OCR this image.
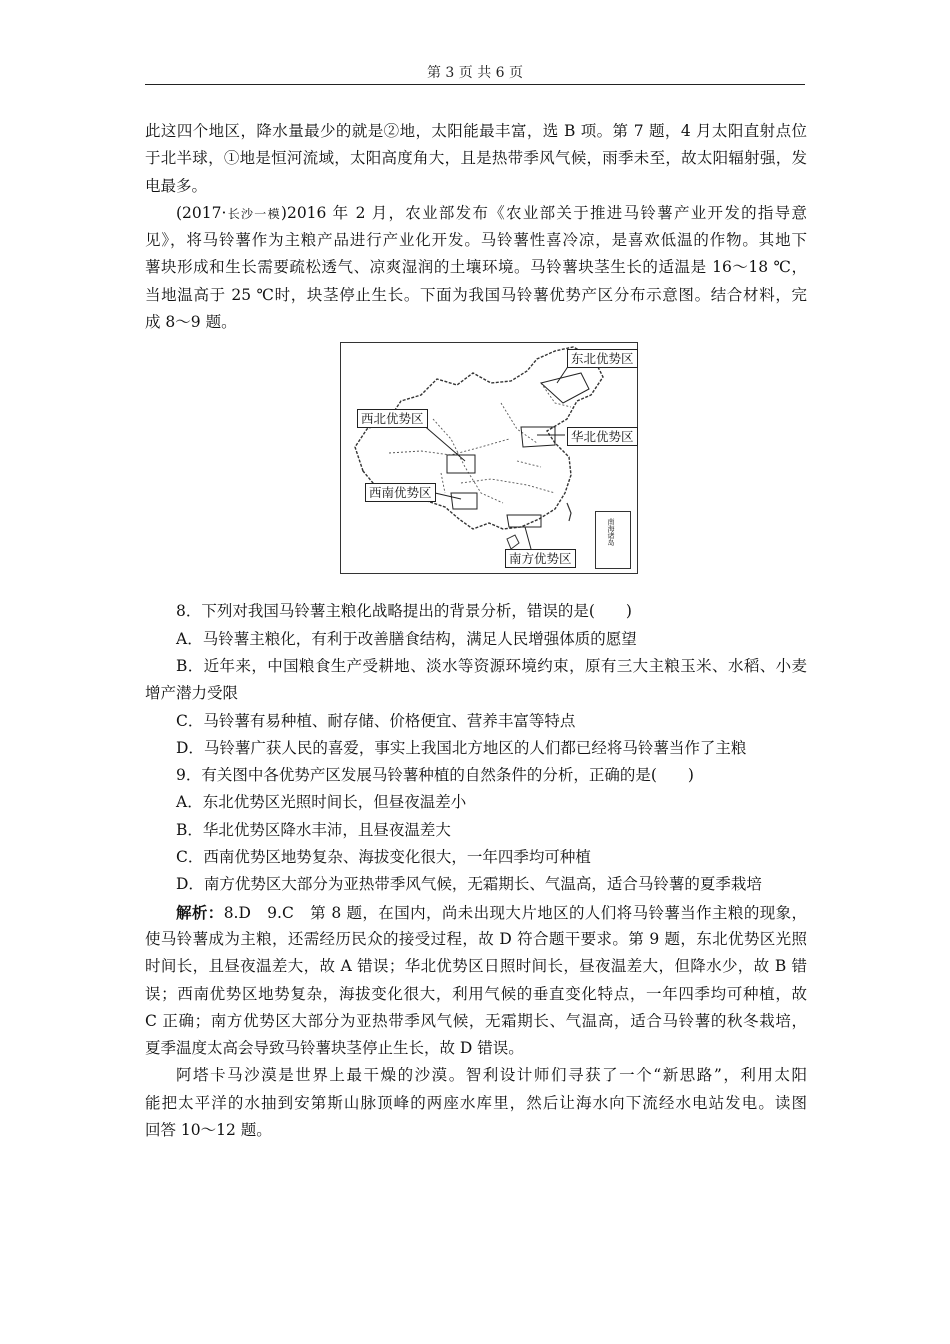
第 3 页 共 6 页
此这四个地区，降水量最少的就是②地，太阳能最丰富，选 B 项。第 7 题，4 月太阳直射点位
于北半球，①地是恒河流域，太阳高度角大，且是热带季风气候，雨季未至，故太阳辐射强，发
电最多。
(2017·长沙一模)2016 年 2 月，农业部发布《农业部关于推进马铃薯产业开发的指导意
见》，将马铃薯作为主粮产品进行产业化开发。马铃薯性喜冷凉，是喜欢低温的作物。其地下
薯块形成和生长需要疏松透气、凉爽湿润的土壤环境。马铃薯块茎生长的适温是 16～18 ℃，
当地温高于 25 ℃时，块茎停止生长。下面为我国马铃薯优势产区分布示意图。结合材料，完
成 8～9 题。
东北优势区
西北优势区
华北优势区
西南优势区
南方优势区
南海诸岛
8．下列对我国马铃薯主粮化战略提出的背景分析，错误的是(　　)
A．马铃薯主粮化，有利于改善膳食结构，满足人民增强体质的愿望
B．近年来，中国粮食生产受耕地、淡水等资源环境约束，原有三大主粮玉米、水稻、小麦
增产潜力受限
C．马铃薯有易种植、耐存储、价格便宜、营养丰富等特点
D．马铃薯广获人民的喜爱，事实上我国北方地区的人们都已经将马铃薯当作了主粮
9．有关图中各优势产区发展马铃薯种植的自然条件的分析，正确的是(　　)
A．东北优势区光照时间长，但昼夜温差小
B．华北优势区降水丰沛，且昼夜温差大
C．西南优势区地势复杂、海拔变化很大，一年四季均可种植
D．南方优势区大部分为亚热带季风气候，无霜期长、气温高，适合马铃薯的夏季栽培
解析：8.D　9.C　第 8 题，在国内，尚未出现大片地区的人们将马铃薯当作主粮的现象，
使马铃薯成为主粮，还需经历民众的接受过程，故 D 符合题干要求。第 9 题，东北优势区光照
时间长，且昼夜温差大，故 A 错误；华北优势区日照时间长，昼夜温差大，但降水少，故 B 错
误；西南优势区地势复杂，海拔变化很大，利用气候的垂直变化特点，一年四季均可种植，故
C 正确；南方优势区大部分为亚热带季风气候，无霜期长、气温高，适合马铃薯的秋冬栽培，
夏季温度太高会导致马铃薯块茎停止生长，故 D 错误。
阿塔卡马沙漠是世界上最干燥的沙漠。智利设计师们寻获了一个“新思路”，利用太阳
能把太平洋的水抽到安第斯山脉顶峰的两座水库里，然后让海水向下流经水电站发电。读图
回答 10～12 题。
